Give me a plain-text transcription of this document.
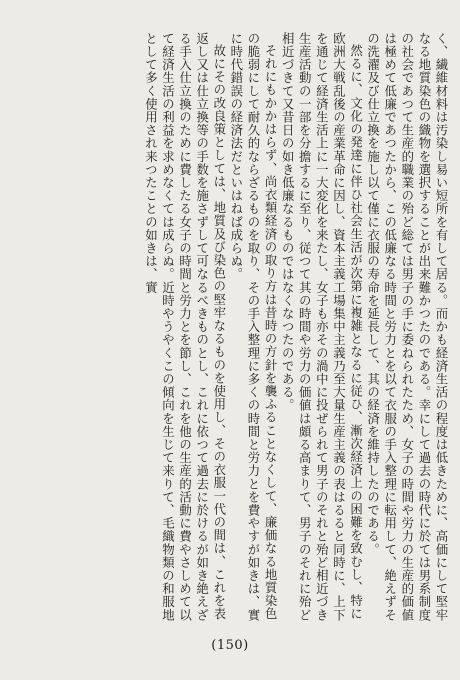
く、繊維材料は汚染し易い短所を有して居る。而かも経済生活の程度は低きために、高価にして堅牢なる地質染色の織物を選択することが出来難かつたのである。幸にして過去の時代に於ては男系制度の社会であつて生産的職業の殆ど総ては男子の手に委ねられたため、女子の時間や労力の生産的価値は極めて低廉であつたから、この低廉なる時間と労力とを以て衣服の手入整理に転用して、絶えずその洗濯及び仕立換を施し以て僅に衣服の寿命を延長して、其の経済を維持したのである。

然るに、文化の発達に伴ひ社会生活が次第に複雑となるに従ひ、漸次経済上の困難を致むし、特に欧洲大戦乱後の産業革命に因し、資本主義工場集中主義乃至大量生産主義の表はるると同時に、上下を通じて経済生活上に一大変化を来たし、女子も亦その渦中に投ぜられて男子のそれと殆ど相近づき生産活動の一部を分擔するに至り、従つて其の時間や労力の価値は頗る高まりて、男子のそれに殆ど相近づきて又昔日の如き低廉なるものではなくなつたのである。

それにもかかはらず、尚衣類経済の取り方は昔時の方針を襲ふることなくして、廉価なる地質染色の脆弱にして耐久的ならざるものを取り、その手入整理に多くの時間と労力とを費やすが如きは、實に時代錯誤の経済法だといはねば成らぬ。

故にその改良策としては、地質及び染色の堅牢なるものを使用し、その衣服一代の間は、これを表返し又は仕立換等の手数を施さずして可なるべきものとし、これに依つて過去に於けるが如き絶えざる手入仕立換のために費したる女子の時間と労力とを節し、これを他の生産的活動に費やさしめて以て経済生活の利益を求めなくては成らぬ。近時やうやくこの傾向を生じて来りて、毛織物類の和服地として多く使用され来つたことの如きは、實

(150)
